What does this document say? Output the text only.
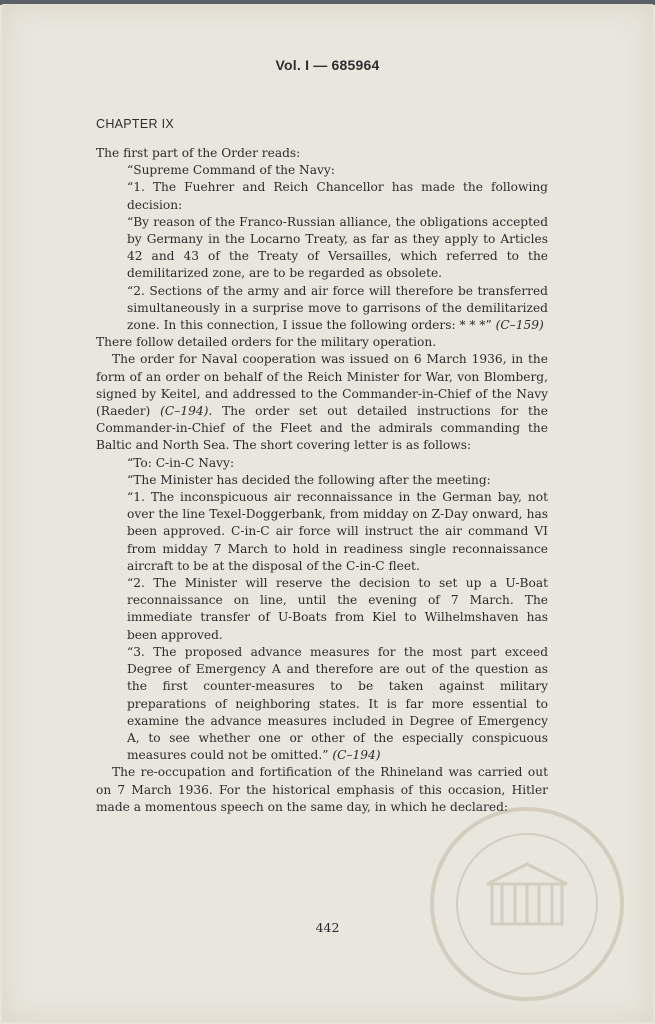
Vol. I — 685964
CHAPTER IX

The first part of the Order reads:

“Supreme Command of the Navy:

“1. The Fuehrer and Reich Chancellor has made the following decision:

“By reason of the Franco-Russian alliance, the obligations accepted by Germany in the Locarno Treaty, as far as they apply to Articles 42 and 43 of the Treaty of Versailles, which referred to the demilitarized zone, are to be regarded as obsolete.

“2. Sections of the army and air force will therefore be transferred simultaneously in a surprise move to garrisons of the demilitarized zone. In this connection, I issue the following orders: * * *” (C–159)

There follow detailed orders for the military operation.

The order for Naval cooperation was issued on 6 March 1936, in the form of an order on behalf of the Reich Minister for War, von Blomberg, signed by Keitel, and addressed to the Commander-in-Chief of the Navy (Raeder) (C–194). The order set out detailed instructions for the Commander-in-Chief of the Fleet and the admirals commanding the Baltic and North Sea. The short covering letter is as follows:

“To: C-in-C Navy:

“The Minister has decided the following after the meeting:

“1. The inconspicuous air reconnaissance in the German bay, not over the line Texel-Doggerbank, from midday on Z-Day onward, has been approved. C-in-C air force will instruct the air command VI from midday 7 March to hold in readiness single reconnaissance aircraft to be at the disposal of the C-in-C fleet.

“2. The Minister will reserve the decision to set up a U-Boat reconnaissance on line, until the evening of 7 March. The immediate transfer of U-Boats from Kiel to Wilhelmshaven has been approved.

“3. The proposed advance measures for the most part exceed Degree of Emergency A and therefore are out of the question as the first counter-measures to be taken against military preparations of neighboring states. It is far more essential to examine the advance measures included in Degree of Emergency A, to see whether one or other of the especially conspicuous measures could not be omitted.” (C–194)

The re-occupation and fortification of the Rhineland was carried out on 7 March 1936. For the historical emphasis of this occasion, Hitler made a momentous speech on the same day, in which he declared:

442
